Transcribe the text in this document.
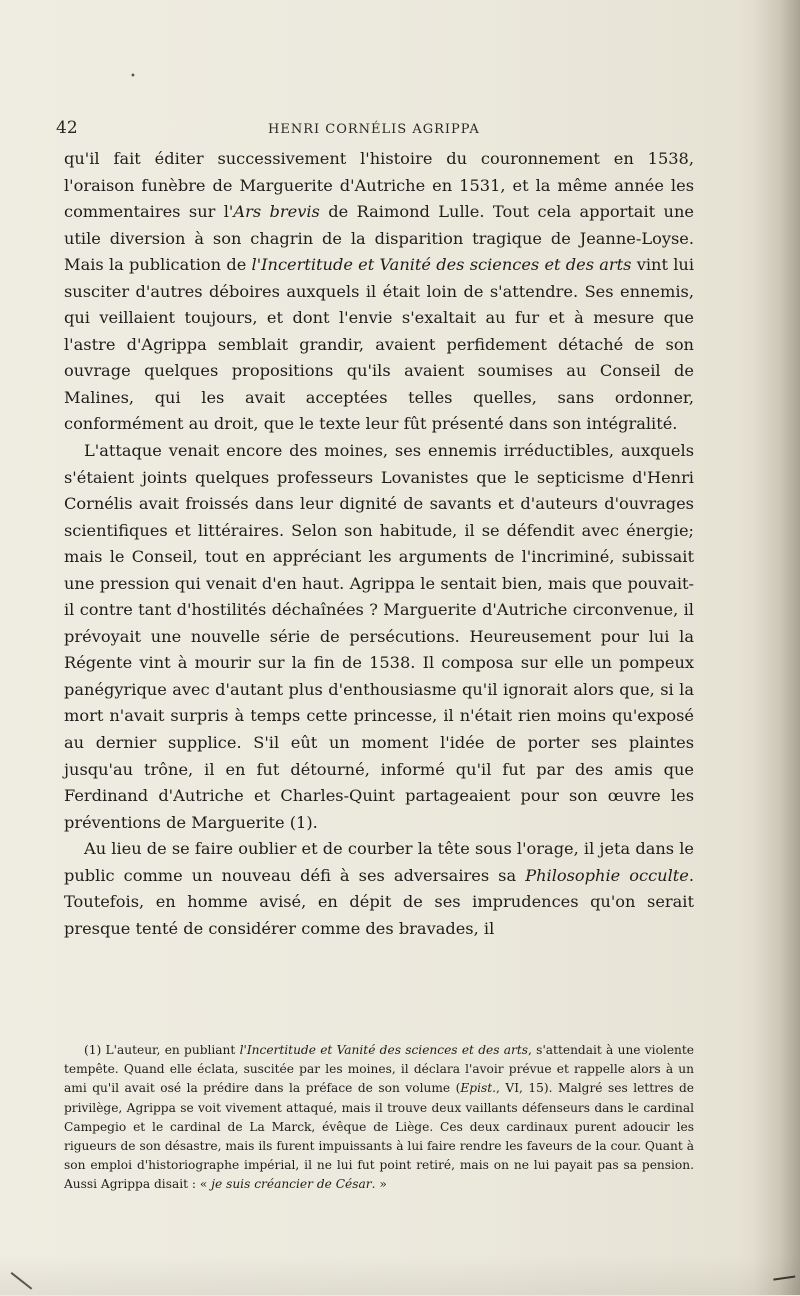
•
42	HENRI CORNÉLIS AGRIPPA

qu'il fait éditer successivement l'histoire du couronnement en 1538, l'oraison funèbre de Marguerite d'Autriche en 1531, et la même année les commentaires sur l'Ars brevis de Raimond Lulle. Tout cela apportait une utile diversion à son chagrin de la disparition tragique de Jeanne-Loyse. Mais la publication de l'Incertitude et Vanité des sciences et des arts vint lui susciter d'autres déboires auxquels il était loin de s'attendre. Ses ennemis, qui veillaient toujours, et dont l'envie s'exaltait au fur et à mesure que l'astre d'Agrippa semblait grandir, avaient perfidement détaché de son ouvrage quelques propositions qu'ils avaient soumises au Conseil de Malines, qui les avait acceptées telles quelles, sans ordonner, conformément au droit, que le texte leur fût présenté dans son intégralité.

L'attaque venait encore des moines, ses ennemis irréductibles, auxquels s'étaient joints quelques professeurs Lovanistes que le septicisme d'Henri Cornélis avait froissés dans leur dignité de savants et d'auteurs d'ouvrages scientifiques et littéraires. Selon son habitude, il se défendit avec énergie; mais le Conseil, tout en appréciant les arguments de l'incriminé, subissait une pression qui venait d'en haut. Agrippa le sentait bien, mais que pouvait-il contre tant d'hostilités déchaînées ? Marguerite d'Autriche circonvenue, il prévoyait une nouvelle série de persécutions. Heureusement pour lui la Régente vint à mourir sur la fin de 1538. Il composa sur elle un pompeux panégyrique avec d'autant plus d'enthousiasme qu'il ignorait alors que, si la mort n'avait surpris à temps cette princesse, il n'était rien moins qu'exposé au dernier supplice. S'il eût un moment l'idée de porter ses plaintes jusqu'au trône, il en fut détourné, informé qu'il fut par des amis que Ferdinand d'Autriche et Charles-Quint partageaient pour son œuvre les préventions de Marguerite (1).

Au lieu de se faire oublier et de courber la tête sous l'orage, il jeta dans le public comme un nouveau défi à ses adversaires sa Philosophie occulte. Toutefois, en homme avisé, en dépit de ses imprudences qu'on serait presque tenté de considérer comme des bravades, il

(1) L'auteur, en publiant l'Incertitude et Vanité des sciences et des arts, s'attendait à une violente tempête. Quand elle éclata, suscitée par les moines, il déclara l'avoir prévue et rappelle alors à un ami qu'il avait osé la prédire dans la préface de son volume (Epist., VI, 15). Malgré ses lettres de privilège, Agrippa se voit vivement attaqué, mais il trouve deux vaillants défenseurs dans le cardinal Campegio et le cardinal de La Marck, évêque de Liège. Ces deux cardinaux purent adoucir les rigueurs de son désastre, mais ils furent impuissants à lui faire rendre les faveurs de la cour. Quant à son emploi d'historiographe impérial, il ne lui fut point retiré, mais on ne lui payait pas sa pension. Aussi Agrippa disait : « je suis créancier de César. »
